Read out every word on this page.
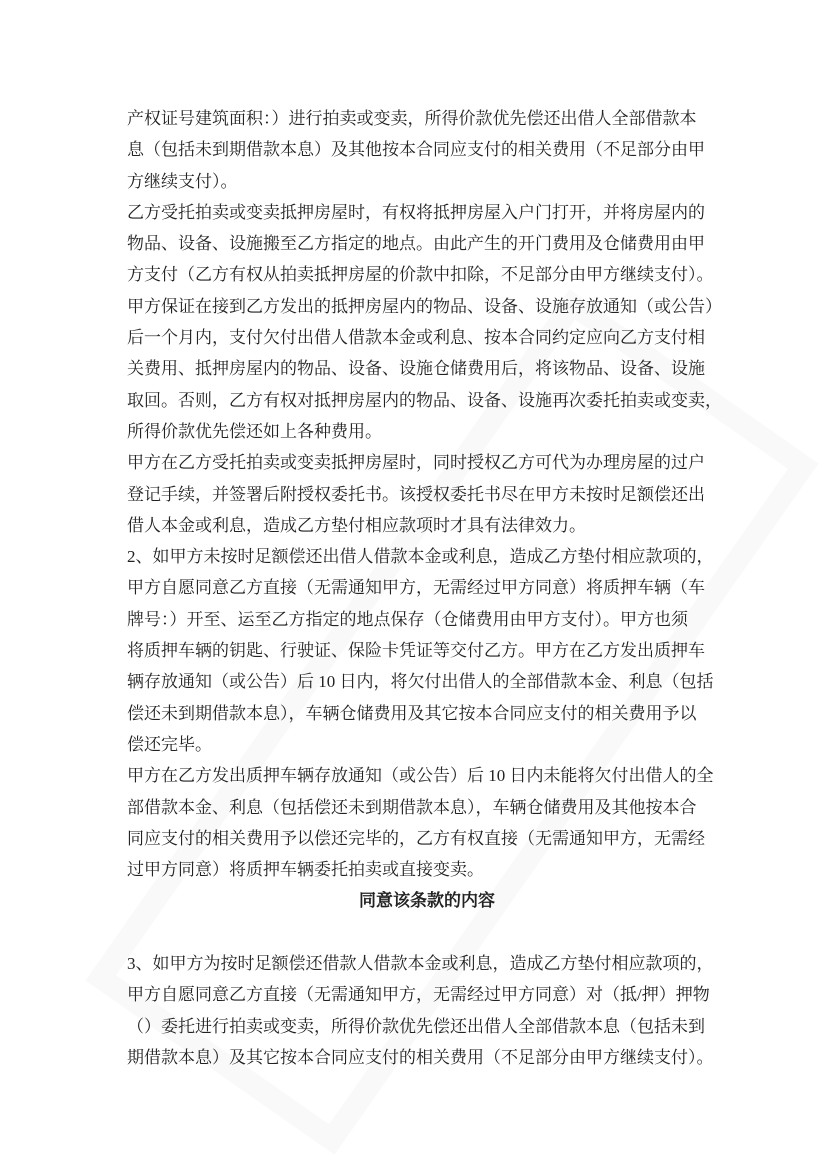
产权证号建筑面积：）进行拍卖或变卖，所得价款优先偿还出借人全部借款本
息（包括未到期借款本息）及其他按本合同应支付的相关费用（不足部分由甲
方继续支付）。
乙方受托拍卖或变卖抵押房屋时，有权将抵押房屋入户门打开，并将房屋内的
物品、设备、设施搬至乙方指定的地点。由此产生的开门费用及仓储费用由甲
方支付（乙方有权从拍卖抵押房屋的价款中扣除，不足部分由甲方继续支付）。
甲方保证在接到乙方发出的抵押房屋内的物品、设备、设施存放通知（或公告）
后一个月内，支付欠付出借人借款本金或利息、按本合同约定应向乙方支付相
关费用、抵押房屋内的物品、设备、设施仓储费用后，将该物品、设备、设施
取回。否则，乙方有权对抵押房屋内的物品、设备、设施再次委托拍卖或变卖，
所得价款优先偿还如上各种费用。
甲方在乙方受托拍卖或变卖抵押房屋时，同时授权乙方可代为办理房屋的过户
登记手续，并签署后附授权委托书。该授权委托书尽在甲方未按时足额偿还出
借人本金或利息，造成乙方垫付相应款项时才具有法律效力。
2、如甲方未按时足额偿还出借人借款本金或利息，造成乙方垫付相应款项的，
甲方自愿同意乙方直接（无需通知甲方，无需经过甲方同意）将质押车辆（车
牌号：）开至、运至乙方指定的地点保存（仓储费用由甲方支付）。甲方也须
将质押车辆的钥匙、行驶证、保险卡凭证等交付乙方。甲方在乙方发出质押车
辆存放通知（或公告）后 10 日内，将欠付出借人的全部借款本金、利息（包括
偿还未到期借款本息），车辆仓储费用及其它按本合同应支付的相关费用予以
偿还完毕。
甲方在乙方发出质押车辆存放通知（或公告）后 10 日内未能将欠付出借人的全
部借款本金、利息（包括偿还未到期借款本息），车辆仓储费用及其他按本合
同应支付的相关费用予以偿还完毕的，乙方有权直接（无需通知甲方，无需经
过甲方同意）将质押车辆委托拍卖或直接变卖。
同意该条款的内容
3、如甲方为按时足额偿还借款人借款本金或利息，造成乙方垫付相应款项的，
甲方自愿同意乙方直接（无需通知甲方，无需经过甲方同意）对（抵/押）押物
（）委托进行拍卖或变卖，所得价款优先偿还出借人全部借款本息（包括未到
期借款本息）及其它按本合同应支付的相关费用（不足部分由甲方继续支付）。
